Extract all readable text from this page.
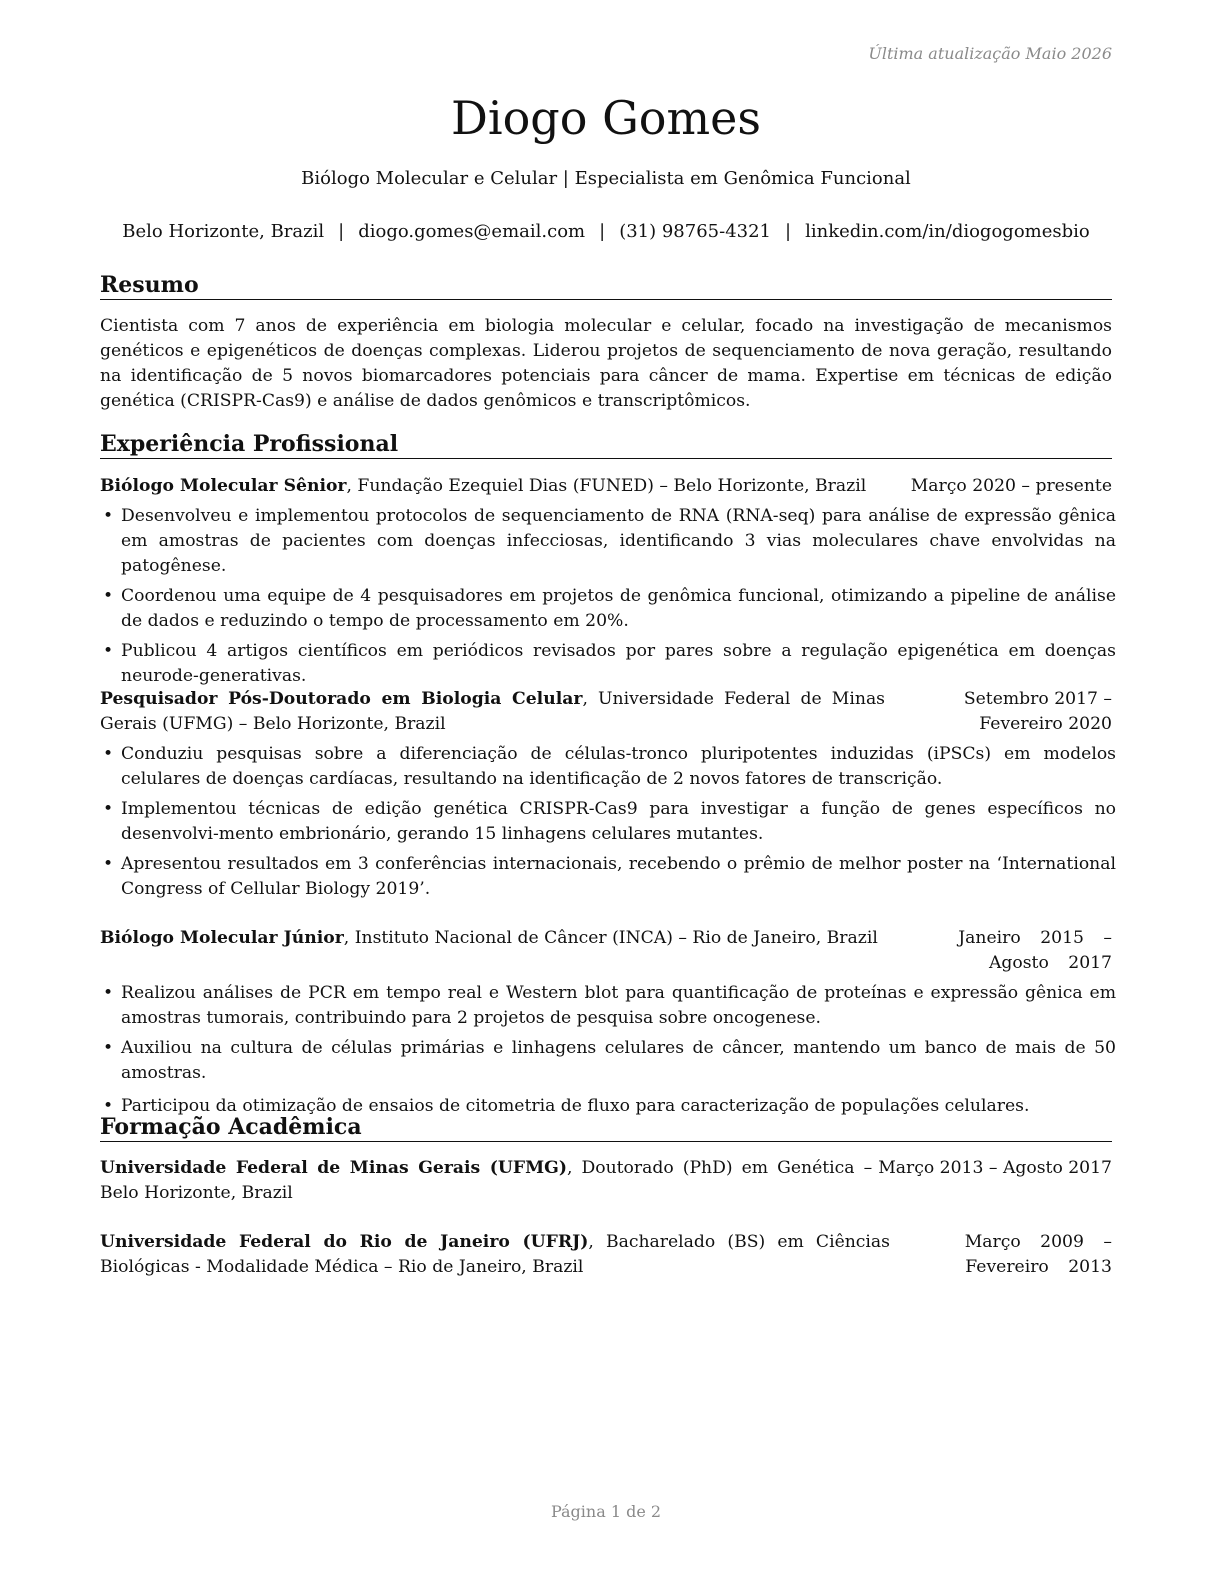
Última atualização Maio 2026
Diogo Gomes
Biólogo Molecular e Celular | Especialista em Genômica Funcional
Belo Horizonte, Brazil | diogo.gomes@email.com | (31) 98765-4321 | linkedin.com/in/diogogomesbio
Resumo
Cientista com 7 anos de experiência em biologia molecular e celular, focado na investigação de mecanismos genéticos e epigenéticos de doenças complexas. Liderou projetos de sequenciamento de nova geração, resultando na identificação de 5 novos biomarcadores potenciais para câncer de mama. Expertise em técnicas de edição genética (CRISPR-Cas9) e análise de dados genômicos e transcriptômicos.
Experiência Profissional
Biólogo Molecular Sênior, Fundação Ezequiel Dias (FUNED) – Belo Horizonte, Brazil	Março 2020 – presente
• Desenvolveu e implementou protocolos de sequenciamento de RNA (RNA-seq) para análise de expressão gênica em amostras de pacientes com doenças infecciosas, identificando 3 vias moleculares chave envolvidas na patogênese.
• Coordenou uma equipe de 4 pesquisadores em projetos de genômica funcional, otimizando a pipeline de análise de dados e reduzindo o tempo de processamento em 20%.
• Publicou 4 artigos científicos em periódicos revisados por pares sobre a regulação epigenética em doenças neurode-generativas.
Pesquisador Pós-Doutorado em Biologia Celular, Universidade Federal de Minas Gerais (UFMG) – Belo Horizonte, Brazil
Setembro 2017 – Fevereiro 2020
• Conduziu pesquisas sobre a diferenciação de células-tronco pluripotentes induzidas (iPSCs) em modelos celulares de doenças cardíacas, resultando na identificação de 2 novos fatores de transcrição.
• Implementou técnicas de edição genética CRISPR-Cas9 para investigar a função de genes específicos no desenvolvi-mento embrionário, gerando 15 linhagens celulares mutantes.
• Apresentou resultados em 3 conferências internacionais, recebendo o prêmio de melhor poster na ‘International Congress of Cellular Biology 2019’.
Biólogo Molecular Júnior, Instituto Nacional de Câncer (INCA) – Rio de Janeiro, Brazil	Janeiro 2015 – Agosto 2017
• Realizou análises de PCR em tempo real e Western blot para quantificação de proteínas e expressão gênica em amostras tumorais, contribuindo para 2 projetos de pesquisa sobre oncogenese.
• Auxiliou na cultura de células primárias e linhagens celulares de câncer, mantendo um banco de mais de 50 amostras.
• Participou da otimização de ensaios de citometria de fluxo para caracterização de populações celulares.
Formação Acadêmica
Universidade Federal de Minas Gerais (UFMG), Doutorado (PhD) em Genética – Belo Horizonte, Brazil
Março 2013 – Agosto 2017
Universidade Federal do Rio de Janeiro (UFRJ), Bacharelado (BS) em Ciências Biológicas - Modalidade Médica – Rio de Janeiro, Brazil
Março 2009 – Fevereiro 2013
Página 1 de 2
